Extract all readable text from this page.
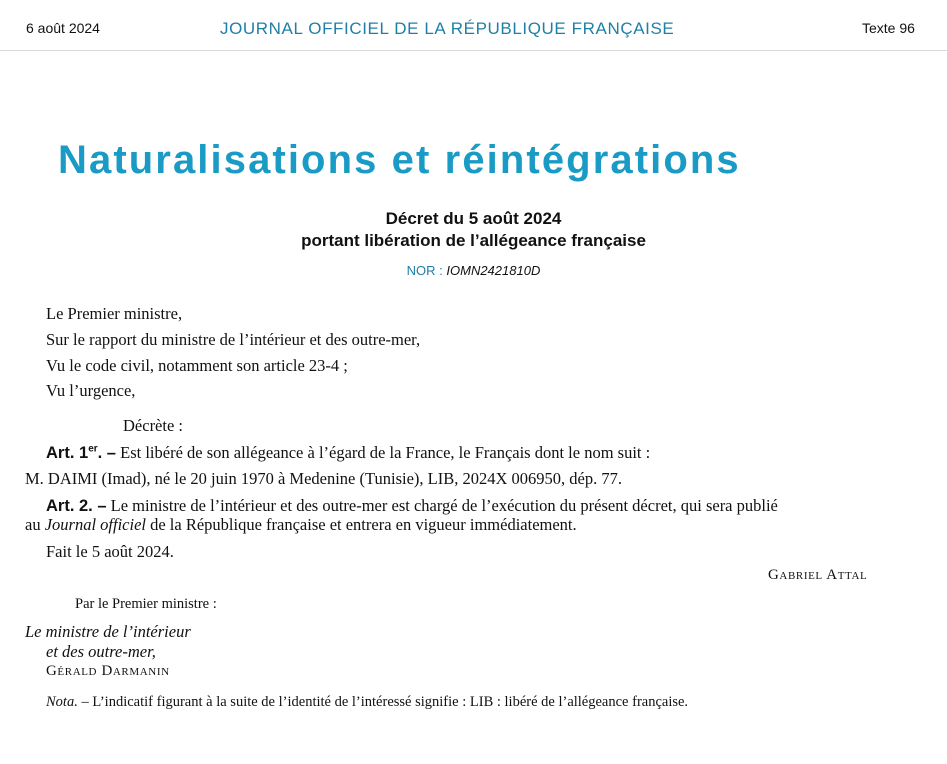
6 août 2024	JOURNAL OFFICIEL DE LA RÉPUBLIQUE FRANÇAISE	Texte 96
Naturalisations et réintégrations
Décret du 5 août 2024
portant libération de l’allégeance française
NOR : IOMN2421810D
Le Premier ministre,
Sur le rapport du ministre de l’intérieur et des outre-mer,
Vu le code civil, notamment son article 23-4 ;
Vu l’urgence,
Décrète :
Art. 1er. – Est libéré de son allégeance à l’égard de la France, le Français dont le nom suit :
M. DAIMI (Imad), né le 20 juin 1970 à Medenine (Tunisie), LIB, 2024X 006950, dép. 77.
Art. 2. – Le ministre de l’intérieur et des outre-mer est chargé de l’exécution du présent décret, qui sera publié
au Journal officiel de la République française et entrera en vigueur immédiatement.
Fait le 5 août 2024.
Gabriel Attal
Par le Premier ministre :
Le ministre de l’intérieur
et des outre-mer,
Gérald Darmanin
Nota. – L’indicatif figurant à la suite de l’identité de l’intéressé signifie : LIB : libéré de l’allégeance française.
